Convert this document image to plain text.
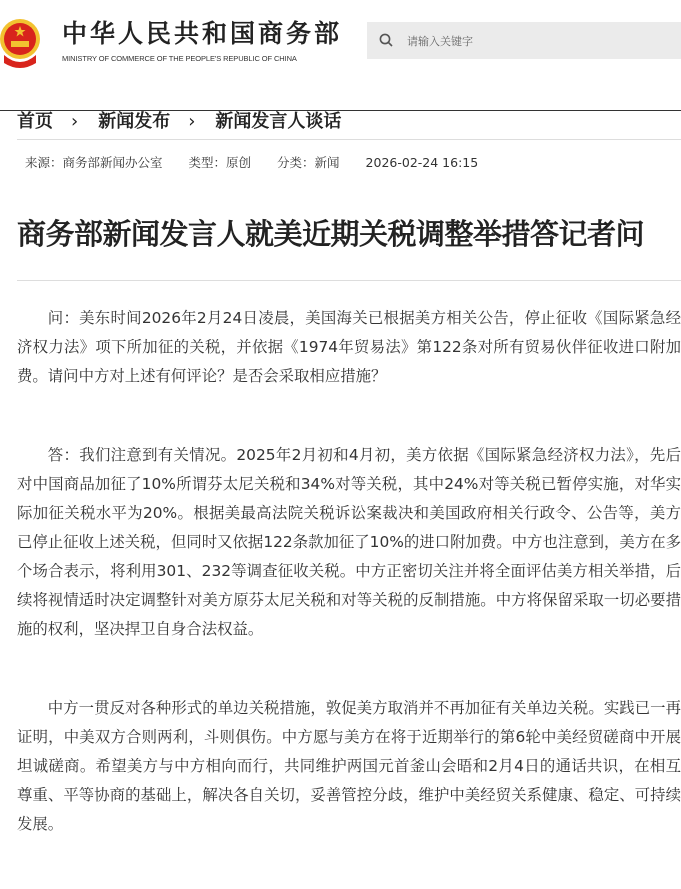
中华人民共和国商务部
MINISTRY OF COMMERCE OF THE PEOPLE'S REPUBLIC OF CHINA
请输入关键字
首页 › 新闻发布 › 新闻发言人谈话
来源：商务部新闻办公室 类型：原创 分类：新闻 2026-02-24 16:15
商务部新闻发言人就美近期关税调整举措答记者问

问：美东时间2026年2月24日凌晨，美国海关已根据美方相关公告，停止征收《国际紧急经济权力法》项下所加征的关税，并依据《1974年贸易法》第122条对所有贸易伙伴征收进口附加费。请问中方对上述有何评论？是否会采取相应措施？

答：我们注意到有关情况。2025年2月初和4月初，美方依据《国际紧急经济权力法》，先后对中国商品加征了10%所谓芬太尼关税和34%对等关税，其中24%对等关税已暂停实施，对华实际加征关税水平为20%。根据美最高法院关税诉讼案裁决和美国政府相关行政令、公告等，美方已停止征收上述关税，但同时又依据122条款加征了10%的进口附加费。中方也注意到，美方在多个场合表示，将利用301、232等调查征收关税。中方正密切关注并将全面评估美方相关举措，后续将视情适时决定调整针对美方原芬太尼关税和对等关税的反制措施。中方将保留采取一切必要措施的权利，坚决捍卫自身合法权益。

中方一贯反对各种形式的单边关税措施，敦促美方取消并不再加征有关单边关税。实践已一再证明，中美双方合则两利，斗则俱伤。中方愿与美方在将于近期举行的第6轮中美经贸磋商中开展坦诚磋商。希望美方与中方相向而行，共同维护两国元首釜山会晤和2月4日的通话共识，在相互尊重、平等协商的基础上，解决各自关切，妥善管控分歧，维护中美经贸关系健康、稳定、可持续发展。
